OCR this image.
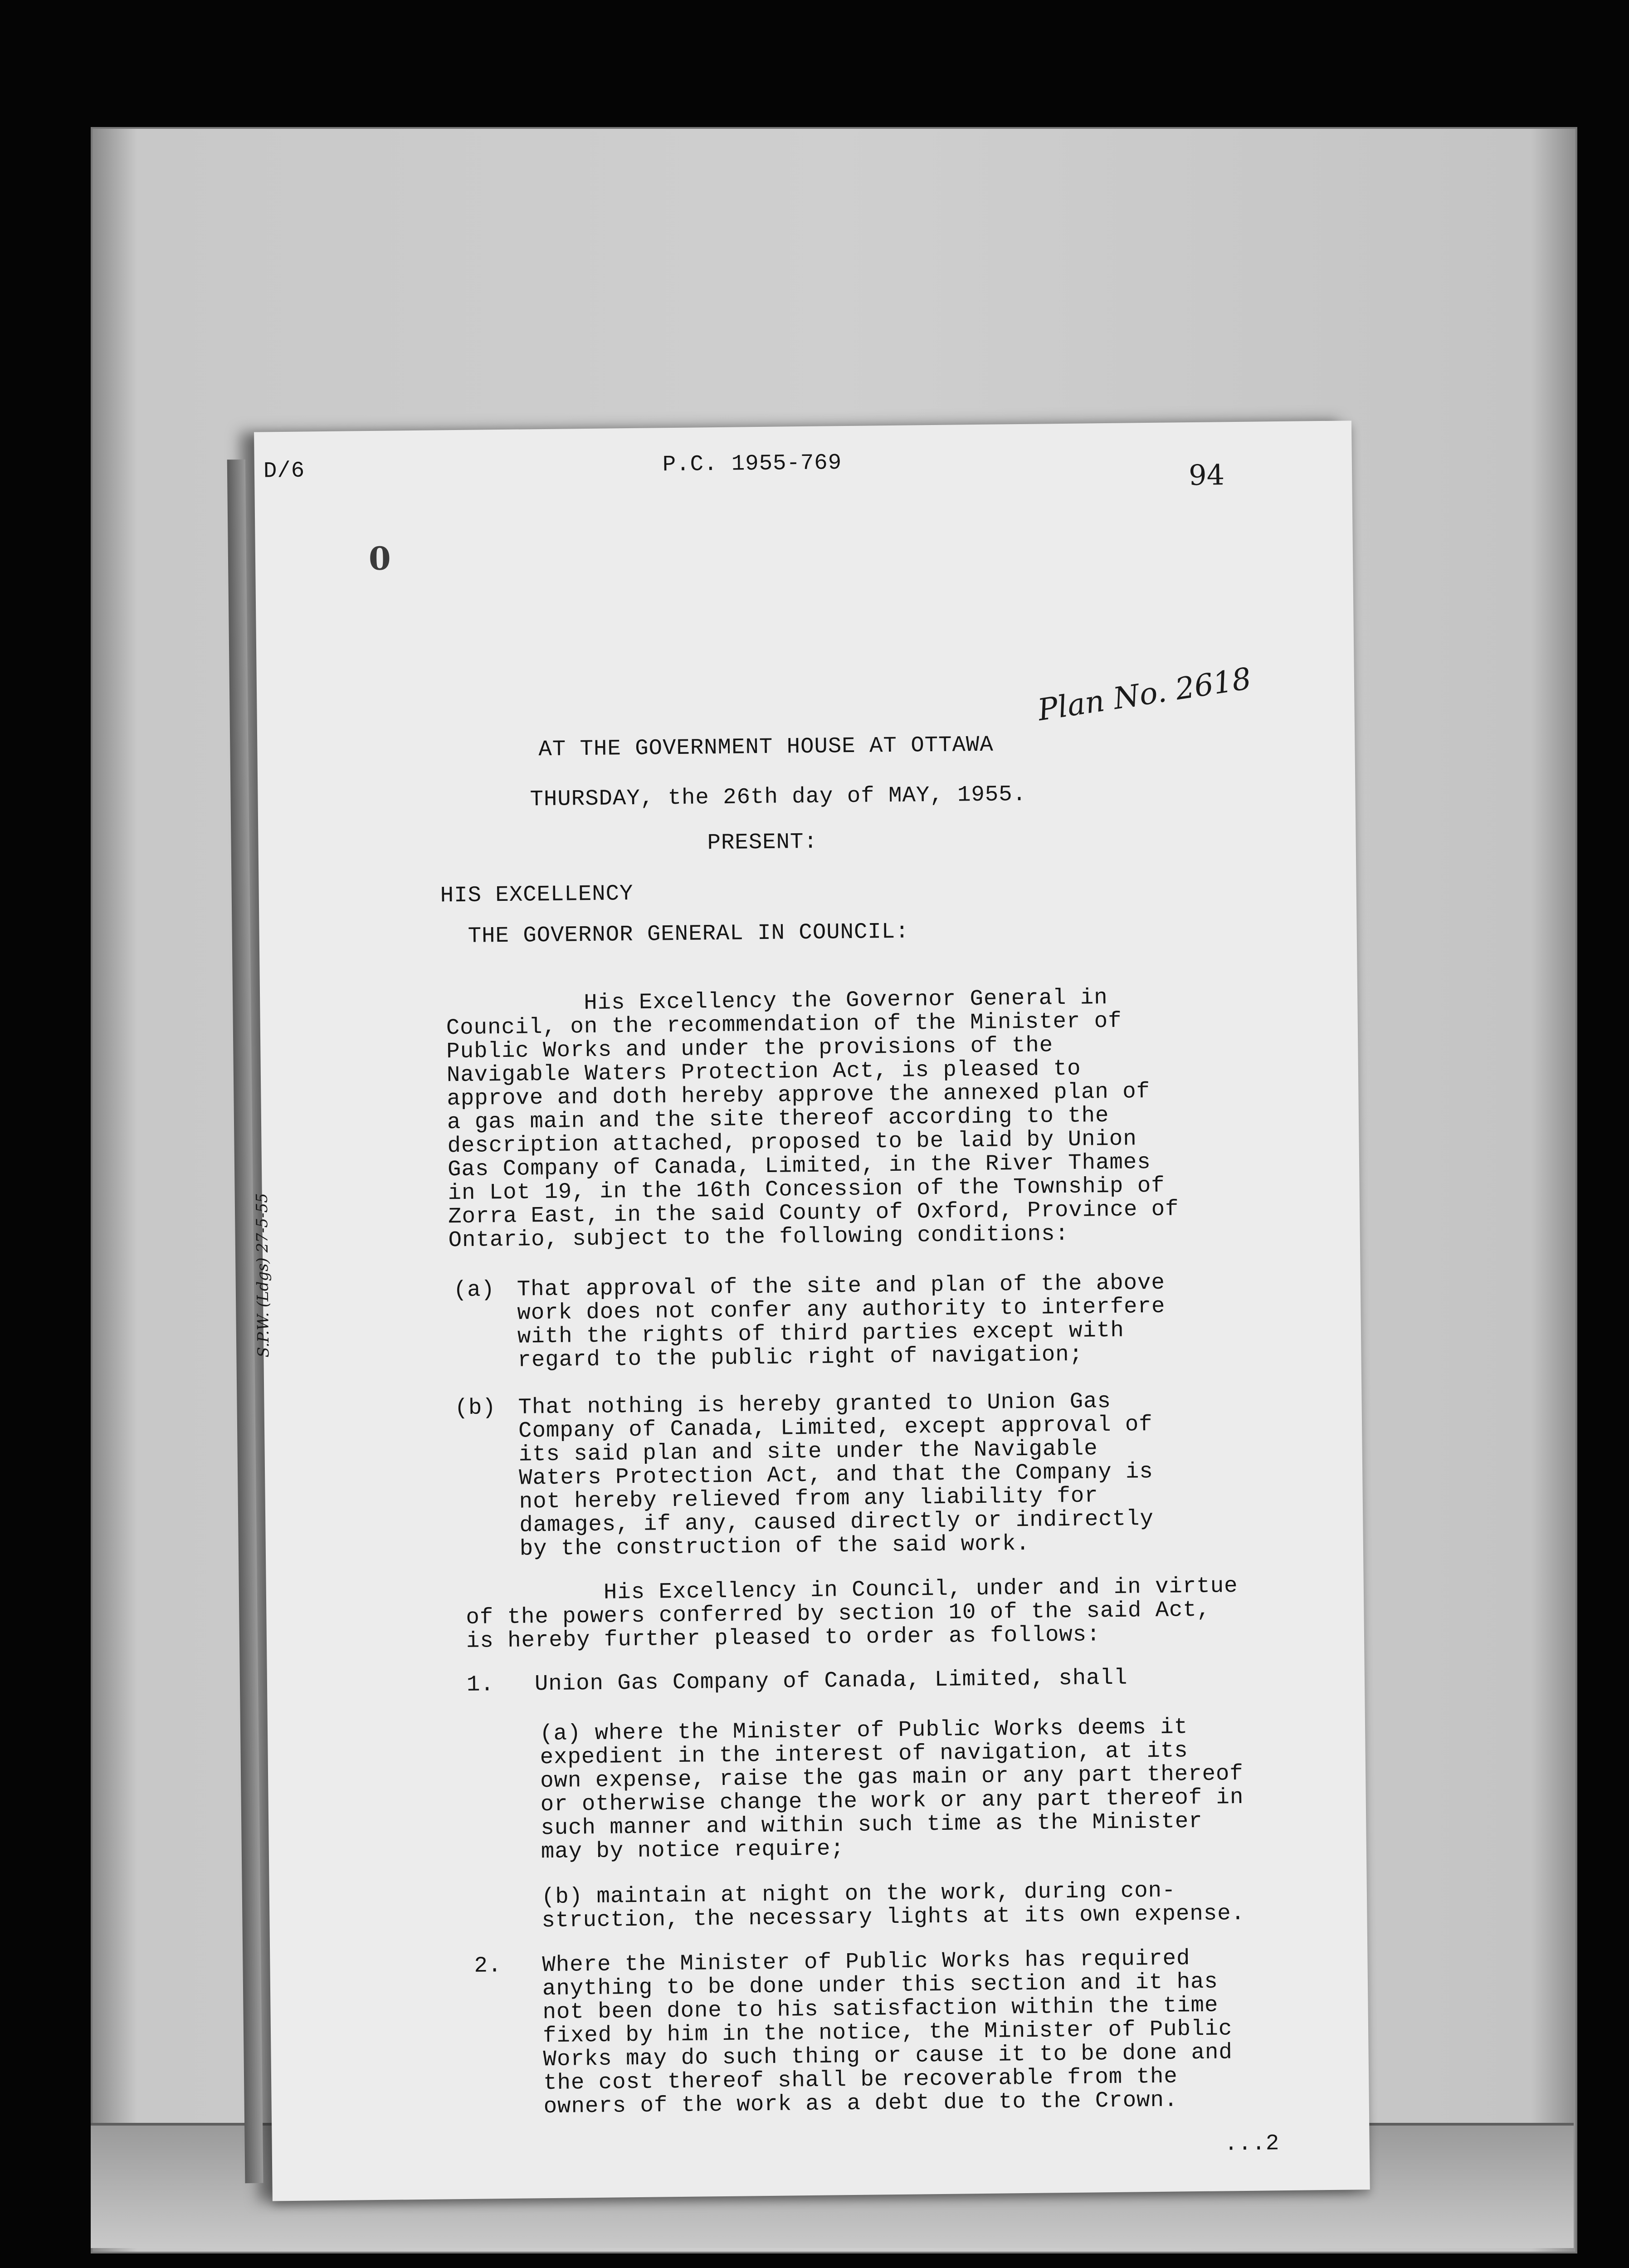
D/6	P.C. 1955-769	94
0
Plan No. 2618
AT THE GOVERNMENT HOUSE AT OTTAWA
THURSDAY, the 26th day of MAY, 1955.
PRESENT:
HIS EXCELLENCY
THE GOVERNOR GENERAL IN COUNCIL:
S.P.W. (Ldgs) 27-5-55
His Excellency the Governor General in
Council, on the recommendation of the Minister of
Public Works and under the provisions of the
Navigable Waters Protection Act, is pleased to
approve and doth hereby approve the annexed plan of
a gas main and the site thereof according to the
description attached, proposed to be laid by Union
Gas Company of Canada, Limited, in the River Thames
in Lot 19, in the 16th Concession of the Township of
Zorra East, in the said County of Oxford, Province of
Ontario, subject to the following conditions:
(a) That approval of the site and plan of the above
work does not confer any authority to interfere
with the rights of third parties except with
regard to the public right of navigation;
(b) That nothing is hereby granted to Union Gas
Company of Canada, Limited, except approval of
its said plan and site under the Navigable
Waters Protection Act, and that the Company is
not hereby relieved from any liability for
damages, if any, caused directly or indirectly
by the construction of the said work.
His Excellency in Council, under and in virtue
of the powers conferred by section 10 of the said Act,
is hereby further pleased to order as follows:
1. Union Gas Company of Canada, Limited, shall
(a) where the Minister of Public Works deems it
expedient in the interest of navigation, at its
own expense, raise the gas main or any part thereof
or otherwise change the work or any part thereof in
such manner and within such time as the Minister
may by notice require;
(b) maintain at night on the work, during con-
struction, the necessary lights at its own expense.
2. Where the Minister of Public Works has required
anything to be done under this section and it has
not been done to his satisfaction within the time
fixed by him in the notice, the Minister of Public
Works may do such thing or cause it to be done and
the cost thereof shall be recoverable from the
owners of the work as a debt due to the Crown.
...2
